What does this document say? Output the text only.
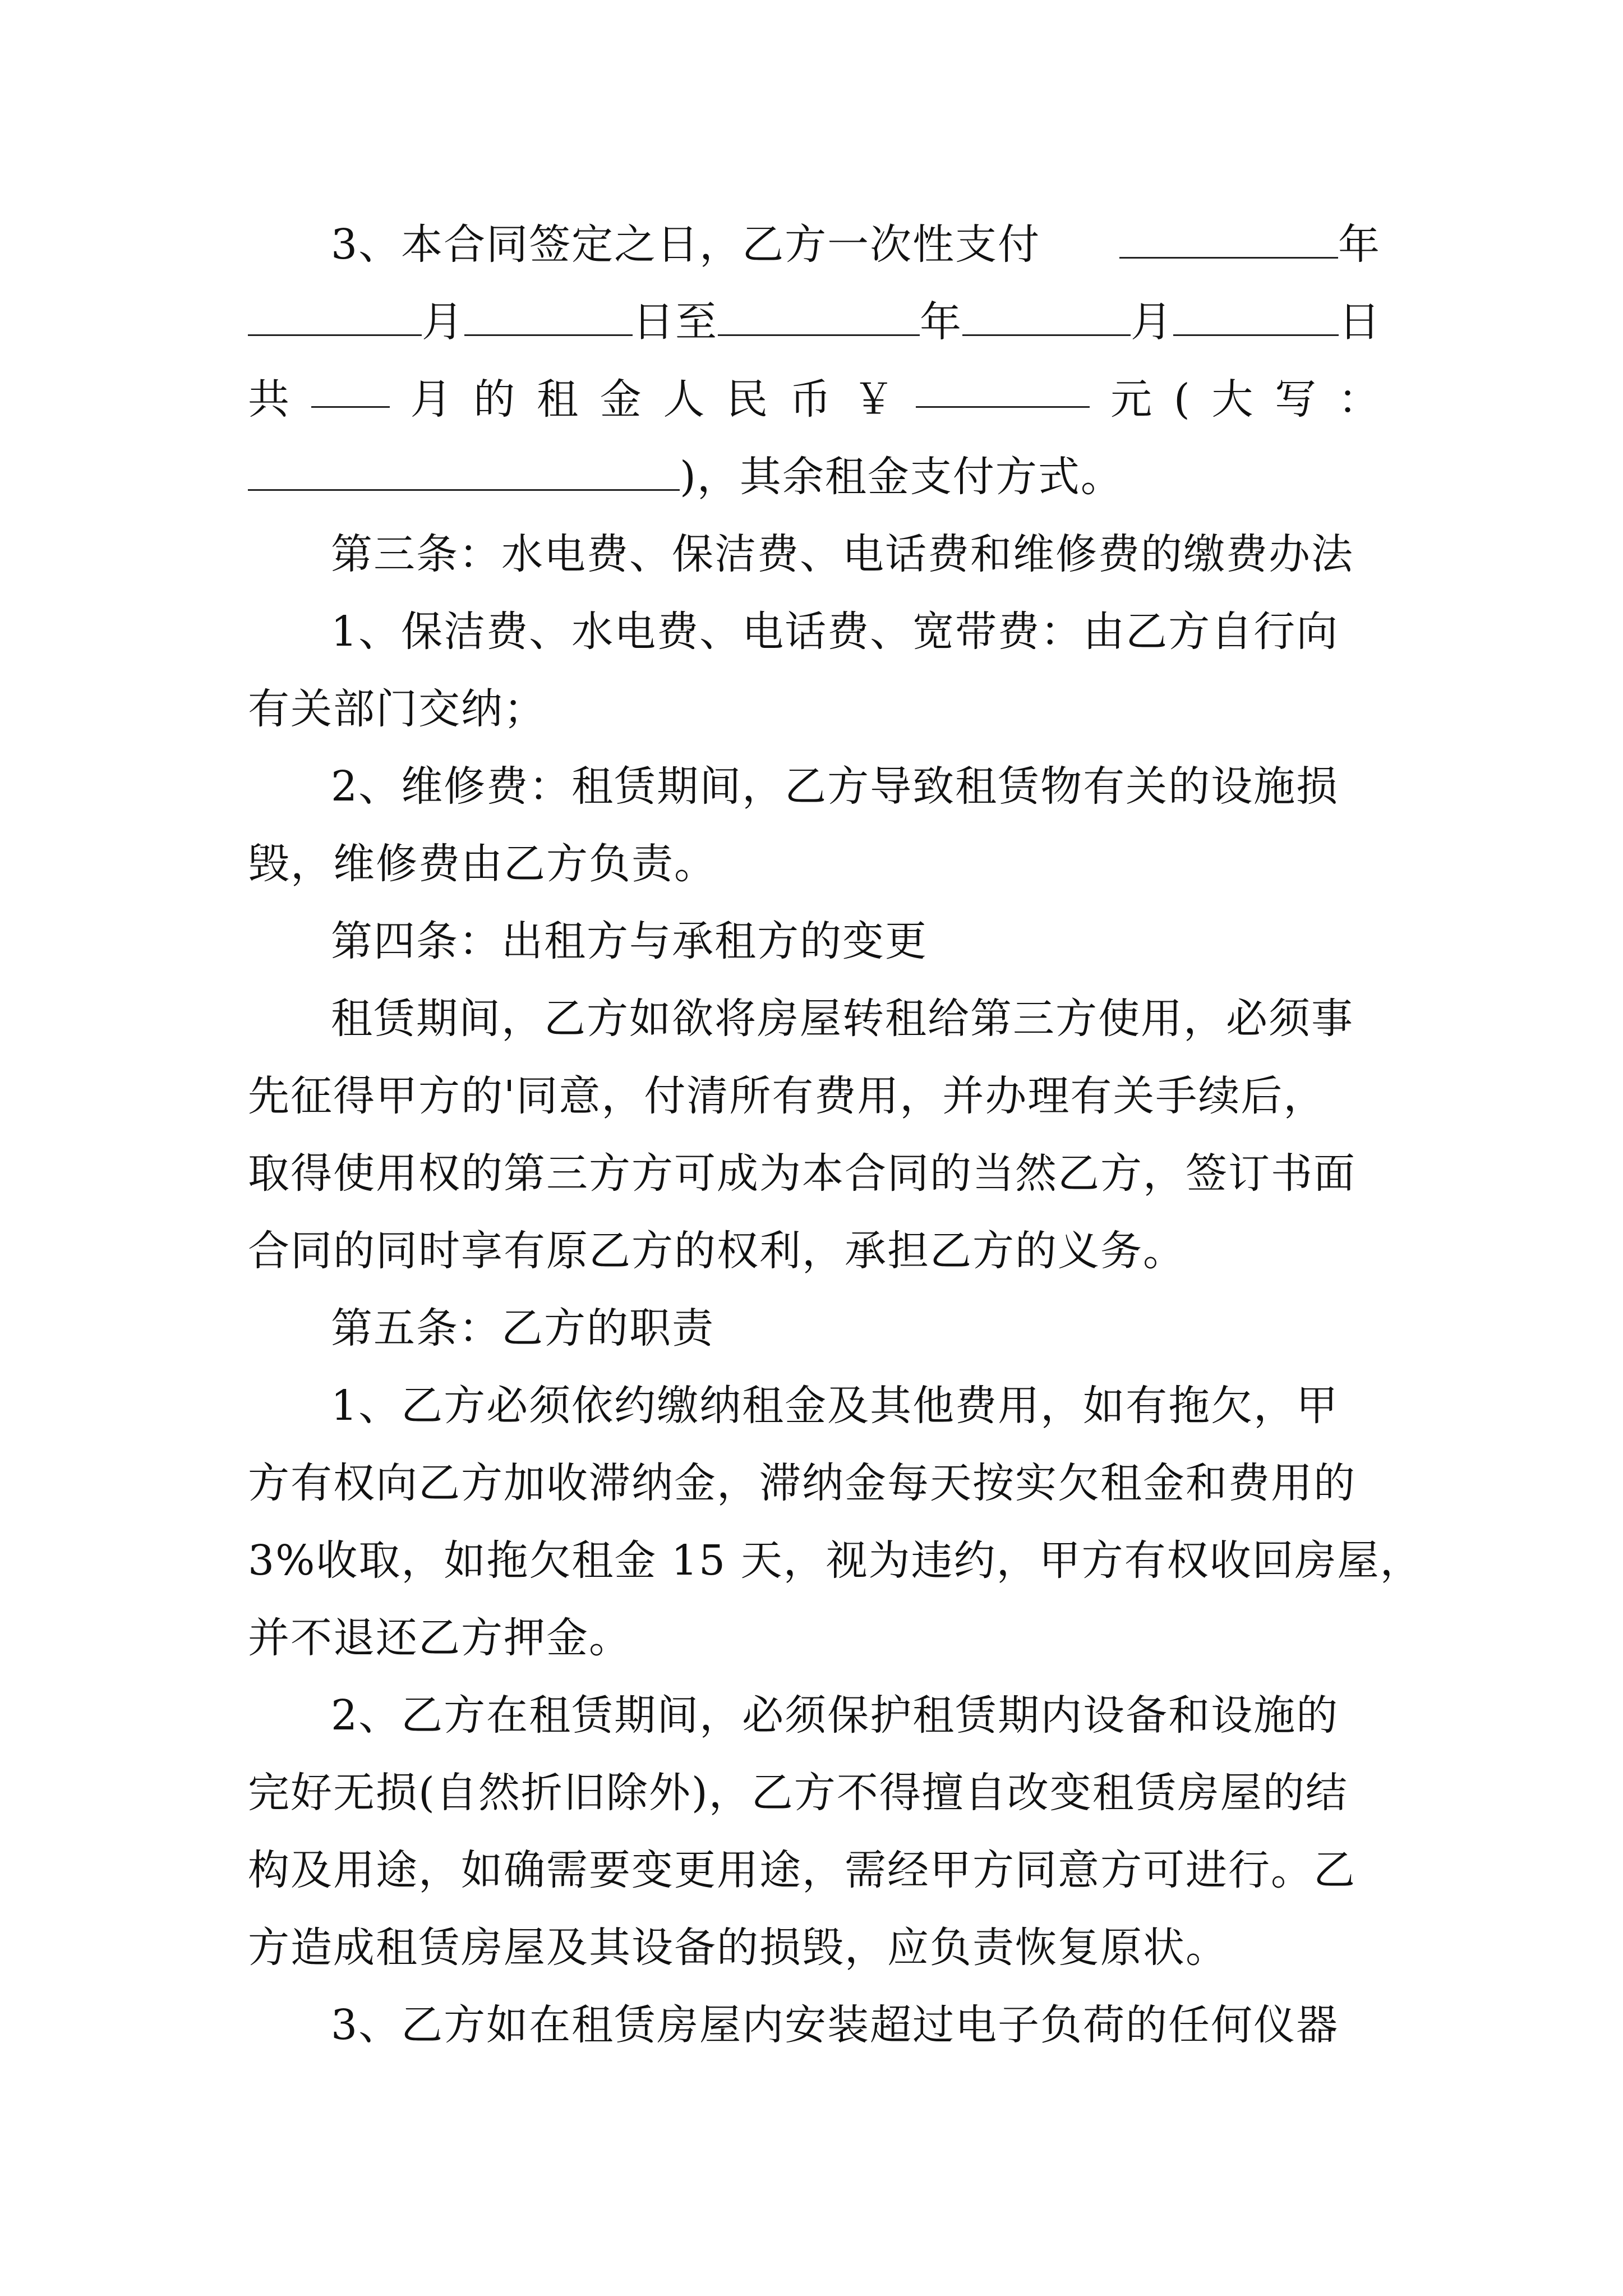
3、本合同签定之日，乙方一次性支付	年
月	日至	年	月	日
共	月 的 租 金 人 民 币 ￥	元 ( 大 写 ：
)，其余租金支付方式。
第三条：水电费、保洁费、电话费和维修费的缴费办法
1、保洁费、水电费、电话费、宽带费：由乙方自行向
有关部门交纳；
2、维修费：租赁期间，乙方导致租赁物有关的设施损
毁，维修费由乙方负责。
第四条：出租方与承租方的变更
租赁期间，乙方如欲将房屋转租给第三方使用，必须事
先征得甲方的'同意，付清所有费用，并办理有关手续后，
取得使用权的第三方方可成为本合同的当然乙方，签订书面
合同的同时享有原乙方的权利，承担乙方的义务。
第五条：乙方的职责
1、乙方必须依约缴纳租金及其他费用，如有拖欠，甲
方有权向乙方加收滞纳金，滞纳金每天按实欠租金和费用的
3%收取，如拖欠租金 15 天，视为违约，甲方有权收回房屋，
并不退还乙方押金。
2、乙方在租赁期间，必须保护租赁期内设备和设施的
完好无损(自然折旧除外)，乙方不得擅自改变租赁房屋的结
构及用途，如确需要变更用途，需经甲方同意方可进行。乙
方造成租赁房屋及其设备的损毁，应负责恢复原状。
3、乙方如在租赁房屋内安装超过电子负荷的任何仪器
